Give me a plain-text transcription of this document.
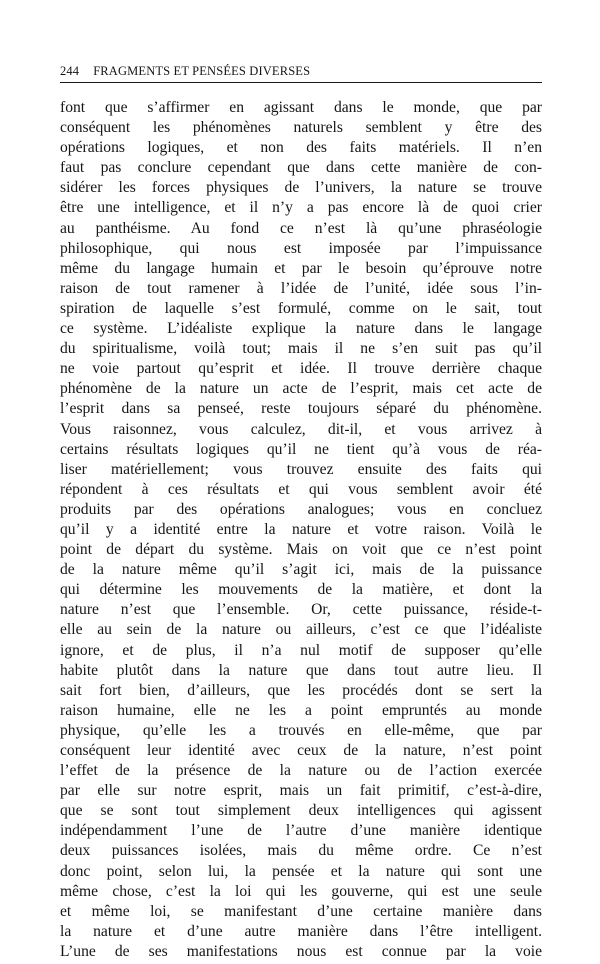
244 FRAGMENTS ET PENSÉES DIVERSES
font que s’affirmer en agissant dans le monde, que par
conséquent les phénomènes naturels semblent y être des
opérations logiques, et non des faits matériels. Il n’en
faut pas conclure cependant que dans cette manière de con-
sidérer les forces physiques de l’univers, la nature se trouve
être une intelligence, et il n’y a pas encore là de quoi crier
au panthéisme. Au fond ce n’est là qu’une phraséologie
philosophique, qui nous est imposée par l’impuissance
même du langage humain et par le besoin qu’éprouve notre
raison de tout ramener à l’idée de l’unité, idée sous l’in-
spiration de laquelle s’est formulé, comme on le sait, tout
ce système. L’idéaliste explique la nature dans le langage
du spiritualisme, voilà tout; mais il ne s’en suit pas qu’il
ne voie partout qu’esprit et idée. Il trouve derrière chaque
phénomène de la nature un acte de l’esprit, mais cet acte de
l’esprit dans sa penseé, reste toujours séparé du phénomène.
Vous raisonnez, vous calculez, dit-il, et vous arrivez à
certains résultats logiques qu’il ne tient qu’à vous de réa-
liser matériellement; vous trouvez ensuite des faits qui
répondent à ces résultats et qui vous semblent avoir été
produits par des opérations analogues; vous en concluez
qu’il y a identité entre la nature et votre raison. Voilà le
point de départ du système. Mais on voit que ce n’est point
de la nature même qu’il s’agit ici, mais de la puissance
qui détermine les mouvements de la matière, et dont la
nature n’est que l’ensemble. Or, cette puissance, réside-t-
elle au sein de la nature ou ailleurs, c’est ce que l’idéaliste
ignore, et de plus, il n’a nul motif de supposer qu’elle
habite plutôt dans la nature que dans tout autre lieu. Il
sait fort bien, d’ailleurs, que les procédés dont se sert la
raison humaine, elle ne les a point empruntés au monde
physique, qu’elle les a trouvés en elle-même, que par
conséquent leur identité avec ceux de la nature, n’est point
l’effet de la présence de la nature ou de l’action exercée
par elle sur notre esprit, mais un fait primitif, c’est-à-dire,
que se sont tout simplement deux intelligences qui agissent
indépendamment l’une de l’autre d’une manière identique
deux puissances isolées, mais du même ordre. Ce n’est
donc point, selon lui, la pensée et la nature qui sont une
même chose, c’est la loi qui les gouverne, qui est une seule
et même loi, se manifestant d’une certaine manière dans
la nature et d’une autre manière dans l’être intelligent.
L’une de ses manifestations nous est connue par la voie
